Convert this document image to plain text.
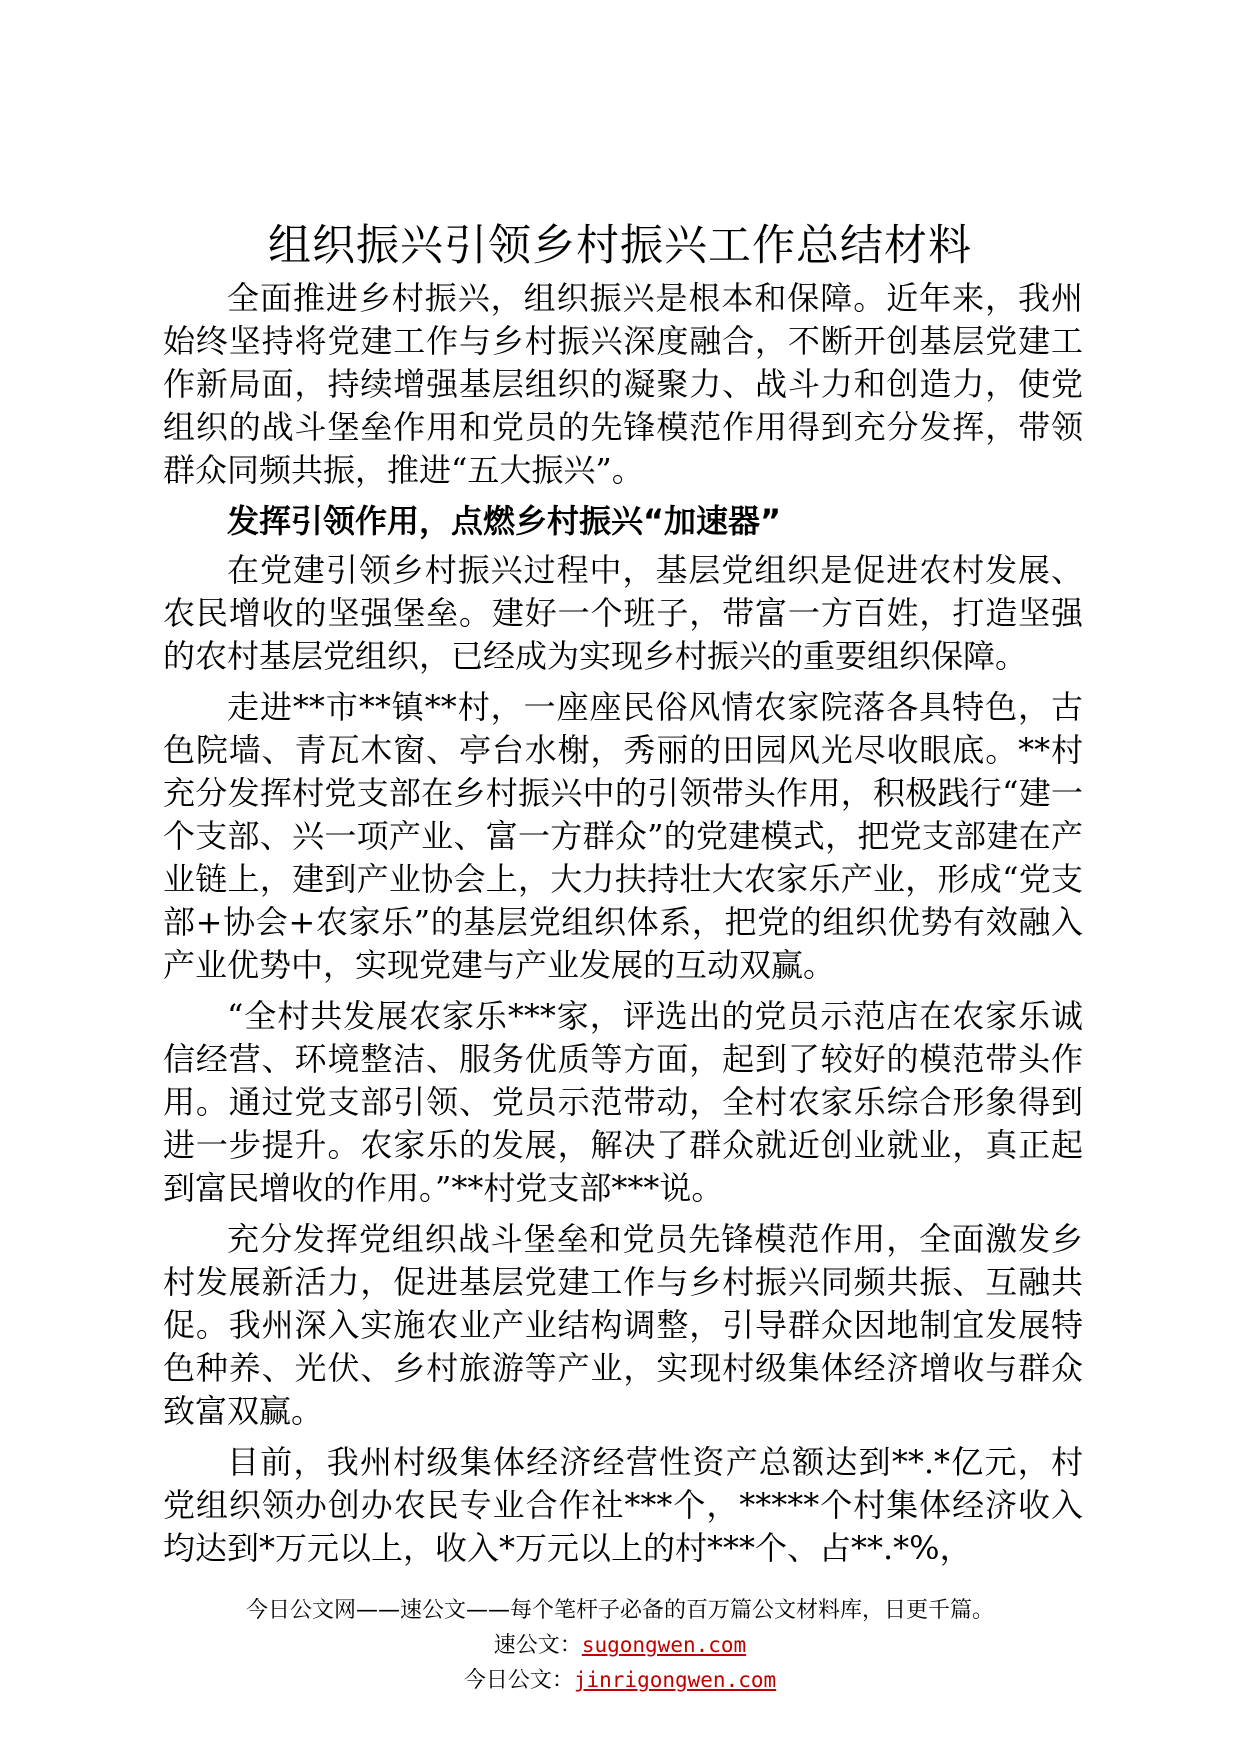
组织振兴引领乡村振兴工作总结材料

全面推进乡村振兴，组织振兴是根本和保障。近年来，我州始终坚持将党建工作与乡村振兴深度融合，不断开创基层党建工作新局面，持续增强基层组织的凝聚力、战斗力和创造力，使党组织的战斗堡垒作用和党员的先锋模范作用得到充分发挥，带领群众同频共振，推进“五大振兴”。

发挥引领作用，点燃乡村振兴“加速器”

在党建引领乡村振兴过程中，基层党组织是促进农村发展、农民增收的坚强堡垒。建好一个班子，带富一方百姓，打造坚强的农村基层党组织，已经成为实现乡村振兴的重要组织保障。

走进**市**镇**村，一座座民俗风情农家院落各具特色，古色院墙、青瓦木窗、亭台水榭，秀丽的田园风光尽收眼底。**村充分发挥村党支部在乡村振兴中的引领带头作用，积极践行“建一个支部、兴一项产业、富一方群众”的党建模式，把党支部建在产业链上，建到产业协会上，大力扶持壮大农家乐产业，形成“党支部+协会+农家乐”的基层党组织体系，把党的组织优势有效融入产业优势中，实现党建与产业发展的互动双赢。

“全村共发展农家乐***家，评选出的党员示范店在农家乐诚信经营、环境整洁、服务优质等方面，起到了较好的模范带头作用。通过党支部引领、党员示范带动，全村农家乐综合形象得到进一步提升。农家乐的发展，解决了群众就近创业就业，真正起到富民增收的作用。”**村党支部***说。

充分发挥党组织战斗堡垒和党员先锋模范作用，全面激发乡村发展新活力，促进基层党建工作与乡村振兴同频共振、互融共促。我州深入实施农业产业结构调整，引导群众因地制宜发展特色种养、光伏、乡村旅游等产业，实现村级集体经济增收与群众致富双赢。

目前，我州村级集体经济经营性资产总额达到**.*亿元，村党组织领办创办农民专业合作社***个，*****个村集体经济收入均达到*万元以上，收入*万元以上的村***个、占**.*%，

今日公文网——速公文——每个笔杆子必备的百万篇公文材料库，日更千篇。
速公文：sugongwen.com
今日公文：jinrigongwen.com
